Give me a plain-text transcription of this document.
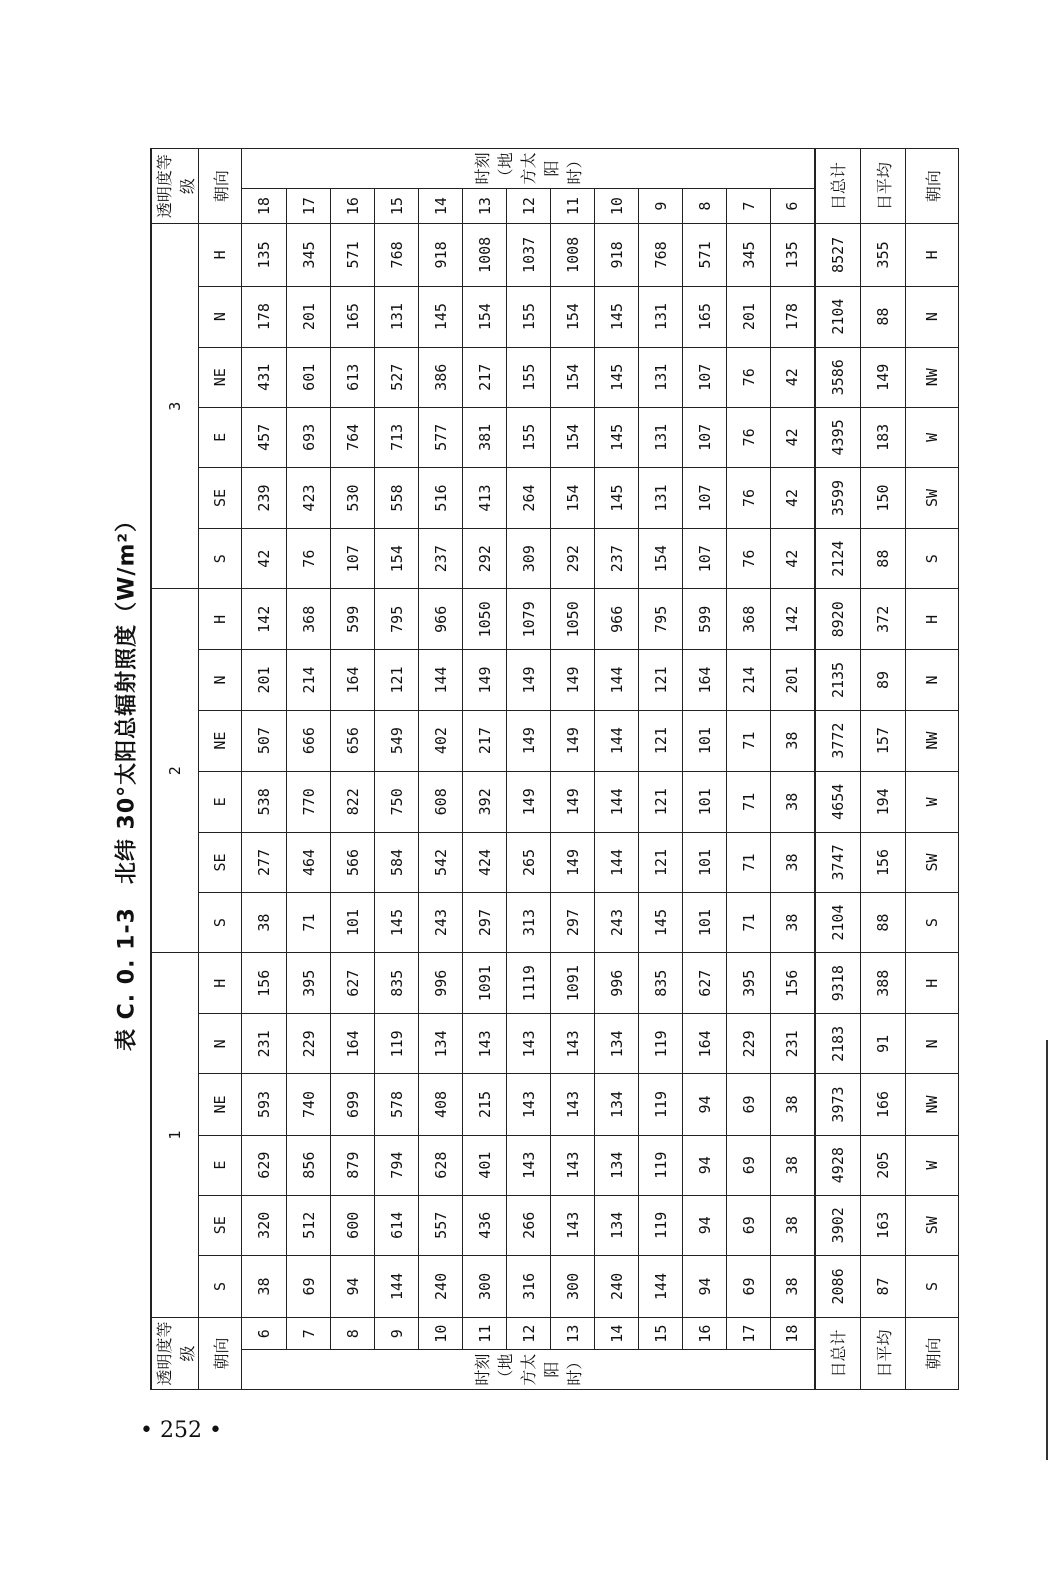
表 C. 0. 1-3　北纬 30°太阳总辐射照度（W/m²）
• 252 •
透明度等级		1						2						3						透明度等级	
朝向		S	SE	E	NE	N	H	S	SE	E	NE	N	H	S	SE	E	NE	N	H	朝向	
时刻（地方太阳时）	6	38	320	629	593	231	156	38	277	538	507	201	142	42	239	457	431	178	135	18	时刻（地方太阳时）
	7	69	512	856	740	229	395	71	464	770	666	214	368	76	423	693	601	201	345	17	
	8	94	600	879	699	164	627	101	566	822	656	164	599	107	530	764	613	165	571	16	
	9	144	614	794	578	119	835	145	584	750	549	121	795	154	558	713	527	131	768	15	
	10	240	557	628	408	134	996	243	542	608	402	144	966	237	516	577	386	145	918	14	
	11	300	436	401	215	143	1091	297	424	392	217	149	1050	292	413	381	217	154	1008	13	
	12	316	266	143	143	143	1119	313	265	149	149	149	1079	309	264	155	155	155	1037	12	
	13	300	143	143	143	143	1091	297	149	149	149	149	1050	292	154	154	154	154	1008	11	
	14	240	134	134	134	134	996	243	144	144	144	144	966	237	145	145	145	145	918	10	
	15	144	119	119	119	119	835	145	121	121	121	121	795	154	131	131	131	131	768	9	
	16	94	94	94	94	164	627	101	101	101	101	164	599	107	107	107	107	165	571	8	
	17	69	69	69	69	229	395	71	71	71	71	214	368	76	76	76	76	201	345	7	
	18	38	38	38	38	231	156	38	38	38	38	201	142	42	42	42	42	178	135	6	
日总计		2086	3902	4928	3973	2183	9318	2104	3747	4654	3772	2135	8920	2124	3599	4395	3586	2104	8527	日总计	
日平均		87	163	205	166	91	388	88	156	194	157	89	372	88	150	183	149	88	355	日平均	
朝向		S	SW	W	NW	N	H	S	SW	W	NW	N	H	S	SW	W	NW	N	H	朝向	
